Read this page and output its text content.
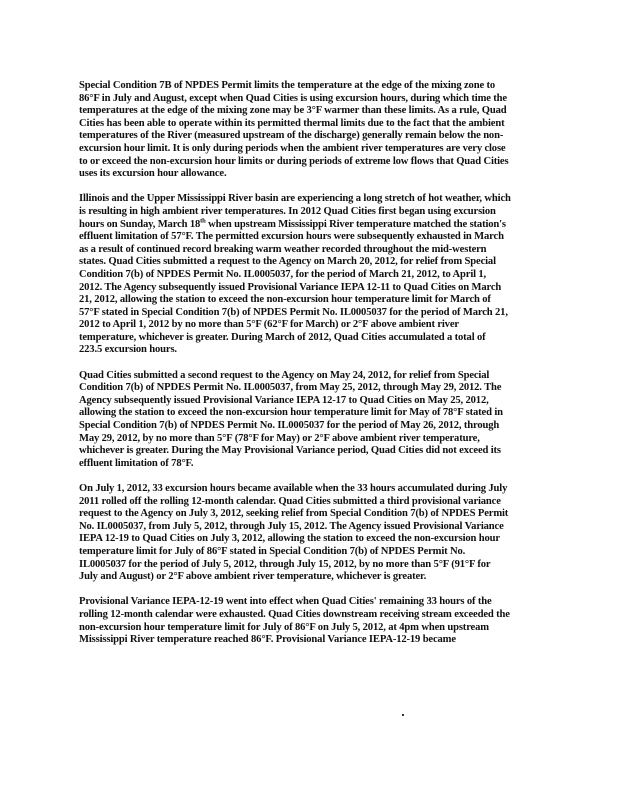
Special Condition 7B of NPDES Permit limits the temperature at the edge of the mixing zone to 86°F in July and August, except when Quad Cities is using excursion hours, during which time the temperatures at the edge of the mixing zone may be 3°F warmer than these limits. As a rule, Quad Cities has been able to operate within its permitted thermal limits due to the fact that the ambient temperatures of the River (measured upstream of the discharge) generally remain below the non-excursion hour limit. It is only during periods when the ambient river temperatures are very close to or exceed the non-excursion hour limits or during periods of extreme low flows that Quad Cities uses its excursion hour allowance.

Illinois and the Upper Mississippi River basin are experiencing a long stretch of hot weather, which is resulting in high ambient river temperatures. In 2012 Quad Cities first began using excursion hours on Sunday, March 18th when upstream Mississippi River temperature matched the station's effluent limitation of 57°F. The permitted excursion hours were subsequently exhausted in March as a result of continued record breaking warm weather recorded throughout the mid-western states. Quad Cities submitted a request to the Agency on March 20, 2012, for relief from Special Condition 7(b) of NPDES Permit No. IL0005037, for the period of March 21, 2012, to April 1, 2012. The Agency subsequently issued Provisional Variance IEPA 12-11 to Quad Cities on March 21, 2012, allowing the station to exceed the non-excursion hour temperature limit for March of 57°F stated in Special Condition 7(b) of NPDES Permit No. IL0005037 for the period of March 21, 2012 to April 1, 2012 by no more than 5°F (62°F for March) or 2°F above ambient river temperature, whichever is greater. During March of 2012, Quad Cities accumulated a total of 223.5 excursion hours.

Quad Cities submitted a second request to the Agency on May 24, 2012, for relief from Special Condition 7(b) of NPDES Permit No. IL0005037, from May 25, 2012, through May 29, 2012. The Agency subsequently issued Provisional Variance IEPA 12-17 to Quad Cities on May 25, 2012, allowing the station to exceed the non-excursion hour temperature limit for May of 78°F stated in Special Condition 7(b) of NPDES Permit No. IL0005037 for the period of May 26, 2012, through May 29, 2012, by no more than 5°F (78°F for May) or 2°F above ambient river temperature, whichever is greater. During the May Provisional Variance period, Quad Cities did not exceed its effluent limitation of 78°F.

On July 1, 2012, 33 excursion hours became available when the 33 hours accumulated during July 2011 rolled off the rolling 12-month calendar. Quad Cities submitted a third provisional variance request to the Agency on July 3, 2012, seeking relief from Special Condition 7(b) of NPDES Permit No. IL0005037, from July 5, 2012, through July 15, 2012. The Agency issued Provisional Variance IEPA 12-19 to Quad Cities on July 3, 2012, allowing the station to exceed the non-excursion hour temperature limit for July of 86°F stated in Special Condition 7(b) of NPDES Permit No. IL0005037 for the period of July 5, 2012, through July 15, 2012, by no more than 5°F (91°F for July and August) or 2°F above ambient river temperature, whichever is greater.

Provisional Variance IEPA-12-19 went into effect when Quad Cities' remaining 33 hours of the rolling 12-month calendar were exhausted. Quad Cities downstream receiving stream exceeded the non-excursion hour temperature limit for July of 86°F on July 5, 2012, at 4pm when upstream Mississippi River temperature reached 86°F. Provisional Variance IEPA-12-19 became
